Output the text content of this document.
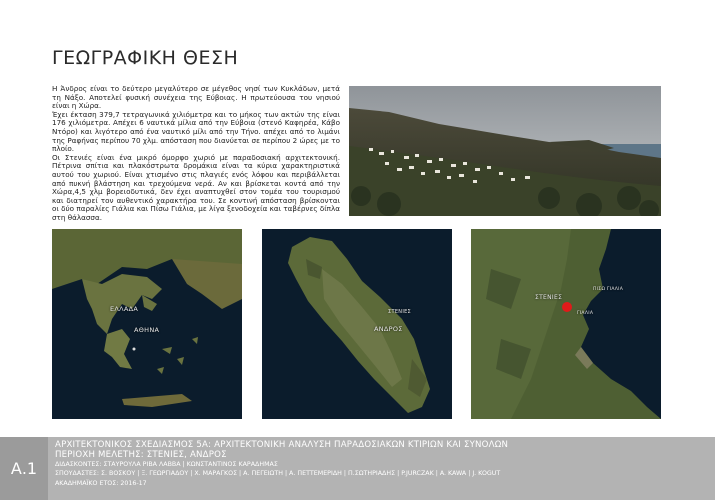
ΓΕΩΓΡΑΦΙΚΗ ΘΕΣΗ

Η Άνδρος είναι το δεύτερο μεγαλύτερο σε μέγεθος νησί των Κυκλάδων, μετά τη Νάξο. Αποτελεί φυσική συνέχεια της Εύβοιας. Η πρωτεύουσα του νησιού είναι η Χώρα.

Έχει έκταση 379,7 τετραγωνικά χιλιόμετρα και το μήκος των ακτών της είναι 176 χιλιόμετρα. Απέχει 6 ναυτικά μίλια από την Εύβοια (στενό Καφηρέα, Κάβο Ντόρο) και λιγότερο από ένα ναυτικό μίλι από την Τήνο. απέχει από το λιμάνι της Ραφήνας περίπου 70 χλμ. απόσταση που διανύεται σε περίπου 2 ώρες με το πλοίο.

Οι Στενιές είναι ένα μικρό όμορφο χωριό με παραδοσιακή αρχιτεκτονική. Πέτρινα σπίτια και πλακόστρωτα δρομάκια είναι τα κύρια χαρακτηριστικά αυτού του χωριού. Είναι χτισμένο στις πλαγιές ενός λόφου και περιβάλλεται από πυκνή βλάστηση και τρεχούμενα νερά. Αν και βρίσκεται κοντά από την Χώρα,4,5 χλμ βορειοδυτικά, δεν έχει αναπτυχθεί στον τομέα του τουρισμού και διατηρεί τον αυθεντικό χαρακτήρα του. Σε κοντινή απόσταση βρίσκονται οι δύο παραλίες Γιάλια και Πίσω Γιάλια, με λίγα ξενοδοχεία και ταβέρνες δίπλα στη θάλασσα.

ΕΛΛΑΔΑ
ΑΘΗΝΑ	ΑΝΔΡΟΣ
ΣΤΕΝΙΕΣ
ΣΤΕΝΙΕΣ
ΠΙΣΩ ΓΙΑΛΙΑ
ΓΙΑΛΙΑ
Α.1
ΑΡΧΙΤΕΚΤΟΝΙΚΟΣ ΣΧΕΔΙΑΣΜΟΣ 5Α: ΑΡΧΙΤΕΚΤΟΝΙΚΗ ΑΝΑΛΥΣΗ ΠΑΡΑΔΟΣΙΑΚΩΝ ΚΤΙΡΙΩΝ ΚΑΙ ΣΥΝΟΛΩΝ
ΠΕΡΙΟΧΗ ΜΕΛΕΤΗΣ: ΣΤΕΝΙΕΣ, ΑΝΔΡΟΣ
ΔΙΔΑΣΚΟΝΤΕΣ: ΣΤΑΥΡΟΥΛΑ ΡΙΒΑ ΛΑΒΒΑ | ΚΩΝΣΤΑΝΤΙΝΟΣ ΚΑΡΑΔΗΜΑΣ
ΣΠΟΥΔΑΣΤΕΣ: Σ. ΒΟΣΚΟΥ | Ξ. ΓΕΩΡΓΙΑΔΟΥ | Χ. ΜΑΡΑΓΚΟΣ | Α. ΠΕΓΕΙΩΤΗ | Α. ΠΕΤΤΕΜΕΡΙΔΗ | Π.ΣΩΤΗΡΙΑΔΗΣ | P.JURCZAK | A. KAWA | J. KOGUT
ΑΚΑΔΗΜΑΪΚΟ ΕΤΟΣ: 2016-17
